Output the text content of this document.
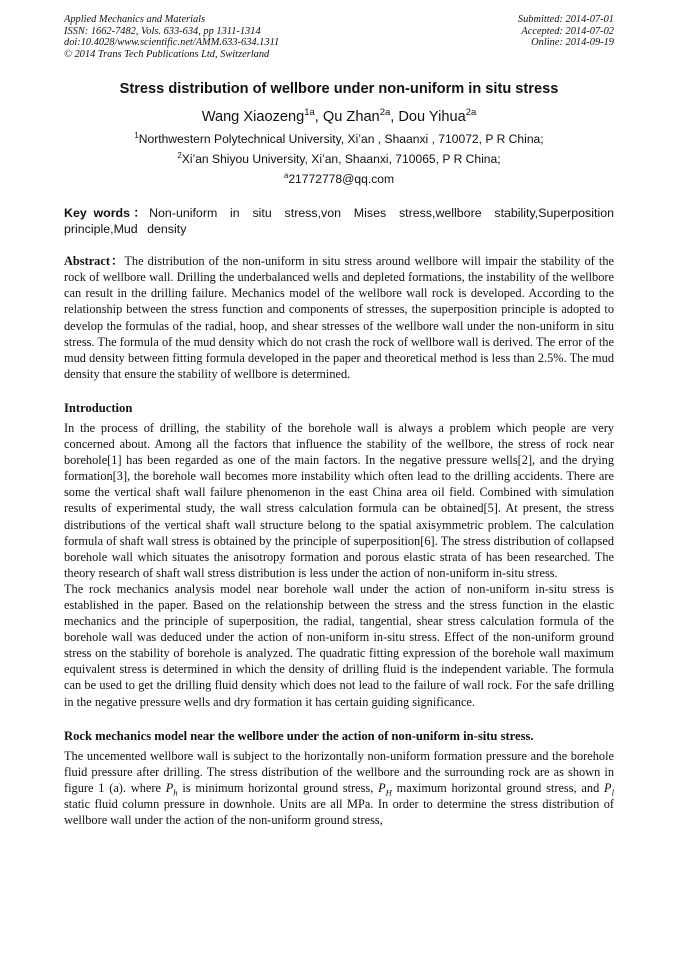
Applied Mechanics and Materials
ISSN: 1662-7482, Vols. 633-634, pp 1311-1314
doi:10.4028/www.scientific.net/AMM.633-634.1311
© 2014 Trans Tech Publications Ltd, Switzerland
Submitted: 2014-07-01
Accepted: 2014-07-02
Online: 2014-09-19
Stress distribution of wellbore under non-uniform in situ stress
Wang Xiaozeng$^{1a}$, Qu Zhan$^{2a}$, Dou Yihua$^{2a}$
$^1$Northwestern Polytechnical University, Xi’an , Shaanxi , 710072, P R China;
$^2$Xi’an Shiyou University, Xi’an, Shaanxi, 710065, P R China;
$^a$21772778@qq.com
Key words：Non-uniform in situ stress,von Mises stress,wellbore stability,Superposition principle,Mud density

Abstract：The distribution of the non-uniform in situ stress around wellbore will impair the stability of the rock of wellbore wall. Drilling the underbalanced wells and depleted formations, the instability of the wellbore can result in the drilling failure. Mechanics model of the wellbore wall rock is developed. According to the relationship between the stress function and components of stresses, the superposition principle is adopted to develop the formulas of the radial, hoop, and shear stresses of the wellbore wall under the non-uniform in situ stress. The formula of the mud density which do not crash the rock of wellbore wall is derived. The error of the mud density between fitting formula developed in the paper and theoretical method is less than 2.5%. The mud density that ensure the stability of wellbore is determined.

Introduction

In the process of drilling, the stability of the borehole wall is always a problem which people are very concerned about. Among all the factors that influence the stability of the wellbore, the stress of rock near borehole[1] has been regarded as one of the main factors. In the negative pressure wells[2], and the drying formation[3], the borehole wall becomes more instability which often lead to the drilling accidents. There are some the vertical shaft wall failure phenomenon in the east China area oil field. Combined with simulation results of experimental study, the wall stress calculation formula can be obtained[5]. At present, the stress distributions of the vertical shaft wall structure belong to the spatial axisymmetric problem. The calculation formula of shaft wall stress is obtained by the principle of superposition[6]. The stress distribution of collapsed borehole wall which situates the anisotropy formation and porous elastic strata of has been researched. The theory research of shaft wall stress distribution is less under the action of non-uniform in-situ stress.

The rock mechanics analysis model near borehole wall under the action of non-uniform in-situ stress is established in the paper. Based on the relationship between the stress and the stress function in the elastic mechanics and the principle of superposition, the radial, tangential, shear stress calculation formula of the borehole wall was deduced under the action of non-uniform in-situ stress. Effect of the non-uniform ground stress on the stability of borehole is analyzed. The quadratic fitting expression of the borehole wall maximum equivalent stress is determined in which the density of drilling fluid is the independent variable. The formula can be used to get the drilling fluid density which does not lead to the failure of wall rock. For the safe drilling in the negative pressure wells and dry formation it has certain guiding significance.

Rock mechanics model near the wellbore under the action of non-uniform in-situ stress.

The uncemented wellbore wall is subject to the horizontally non-uniform formation pressure and the borehole fluid pressure after drilling. The stress distribution of the wellbore and the surrounding rock are as shown in figure 1 (a). where $P_h$ is minimum horizontal ground stress, $P_H$ maximum horizontal ground stress, and $P_l$ static fluid column pressure in downhole. Units are all MPa. In order to determine the stress distribution of wellbore wall under the action of the non-uniform ground stress,
